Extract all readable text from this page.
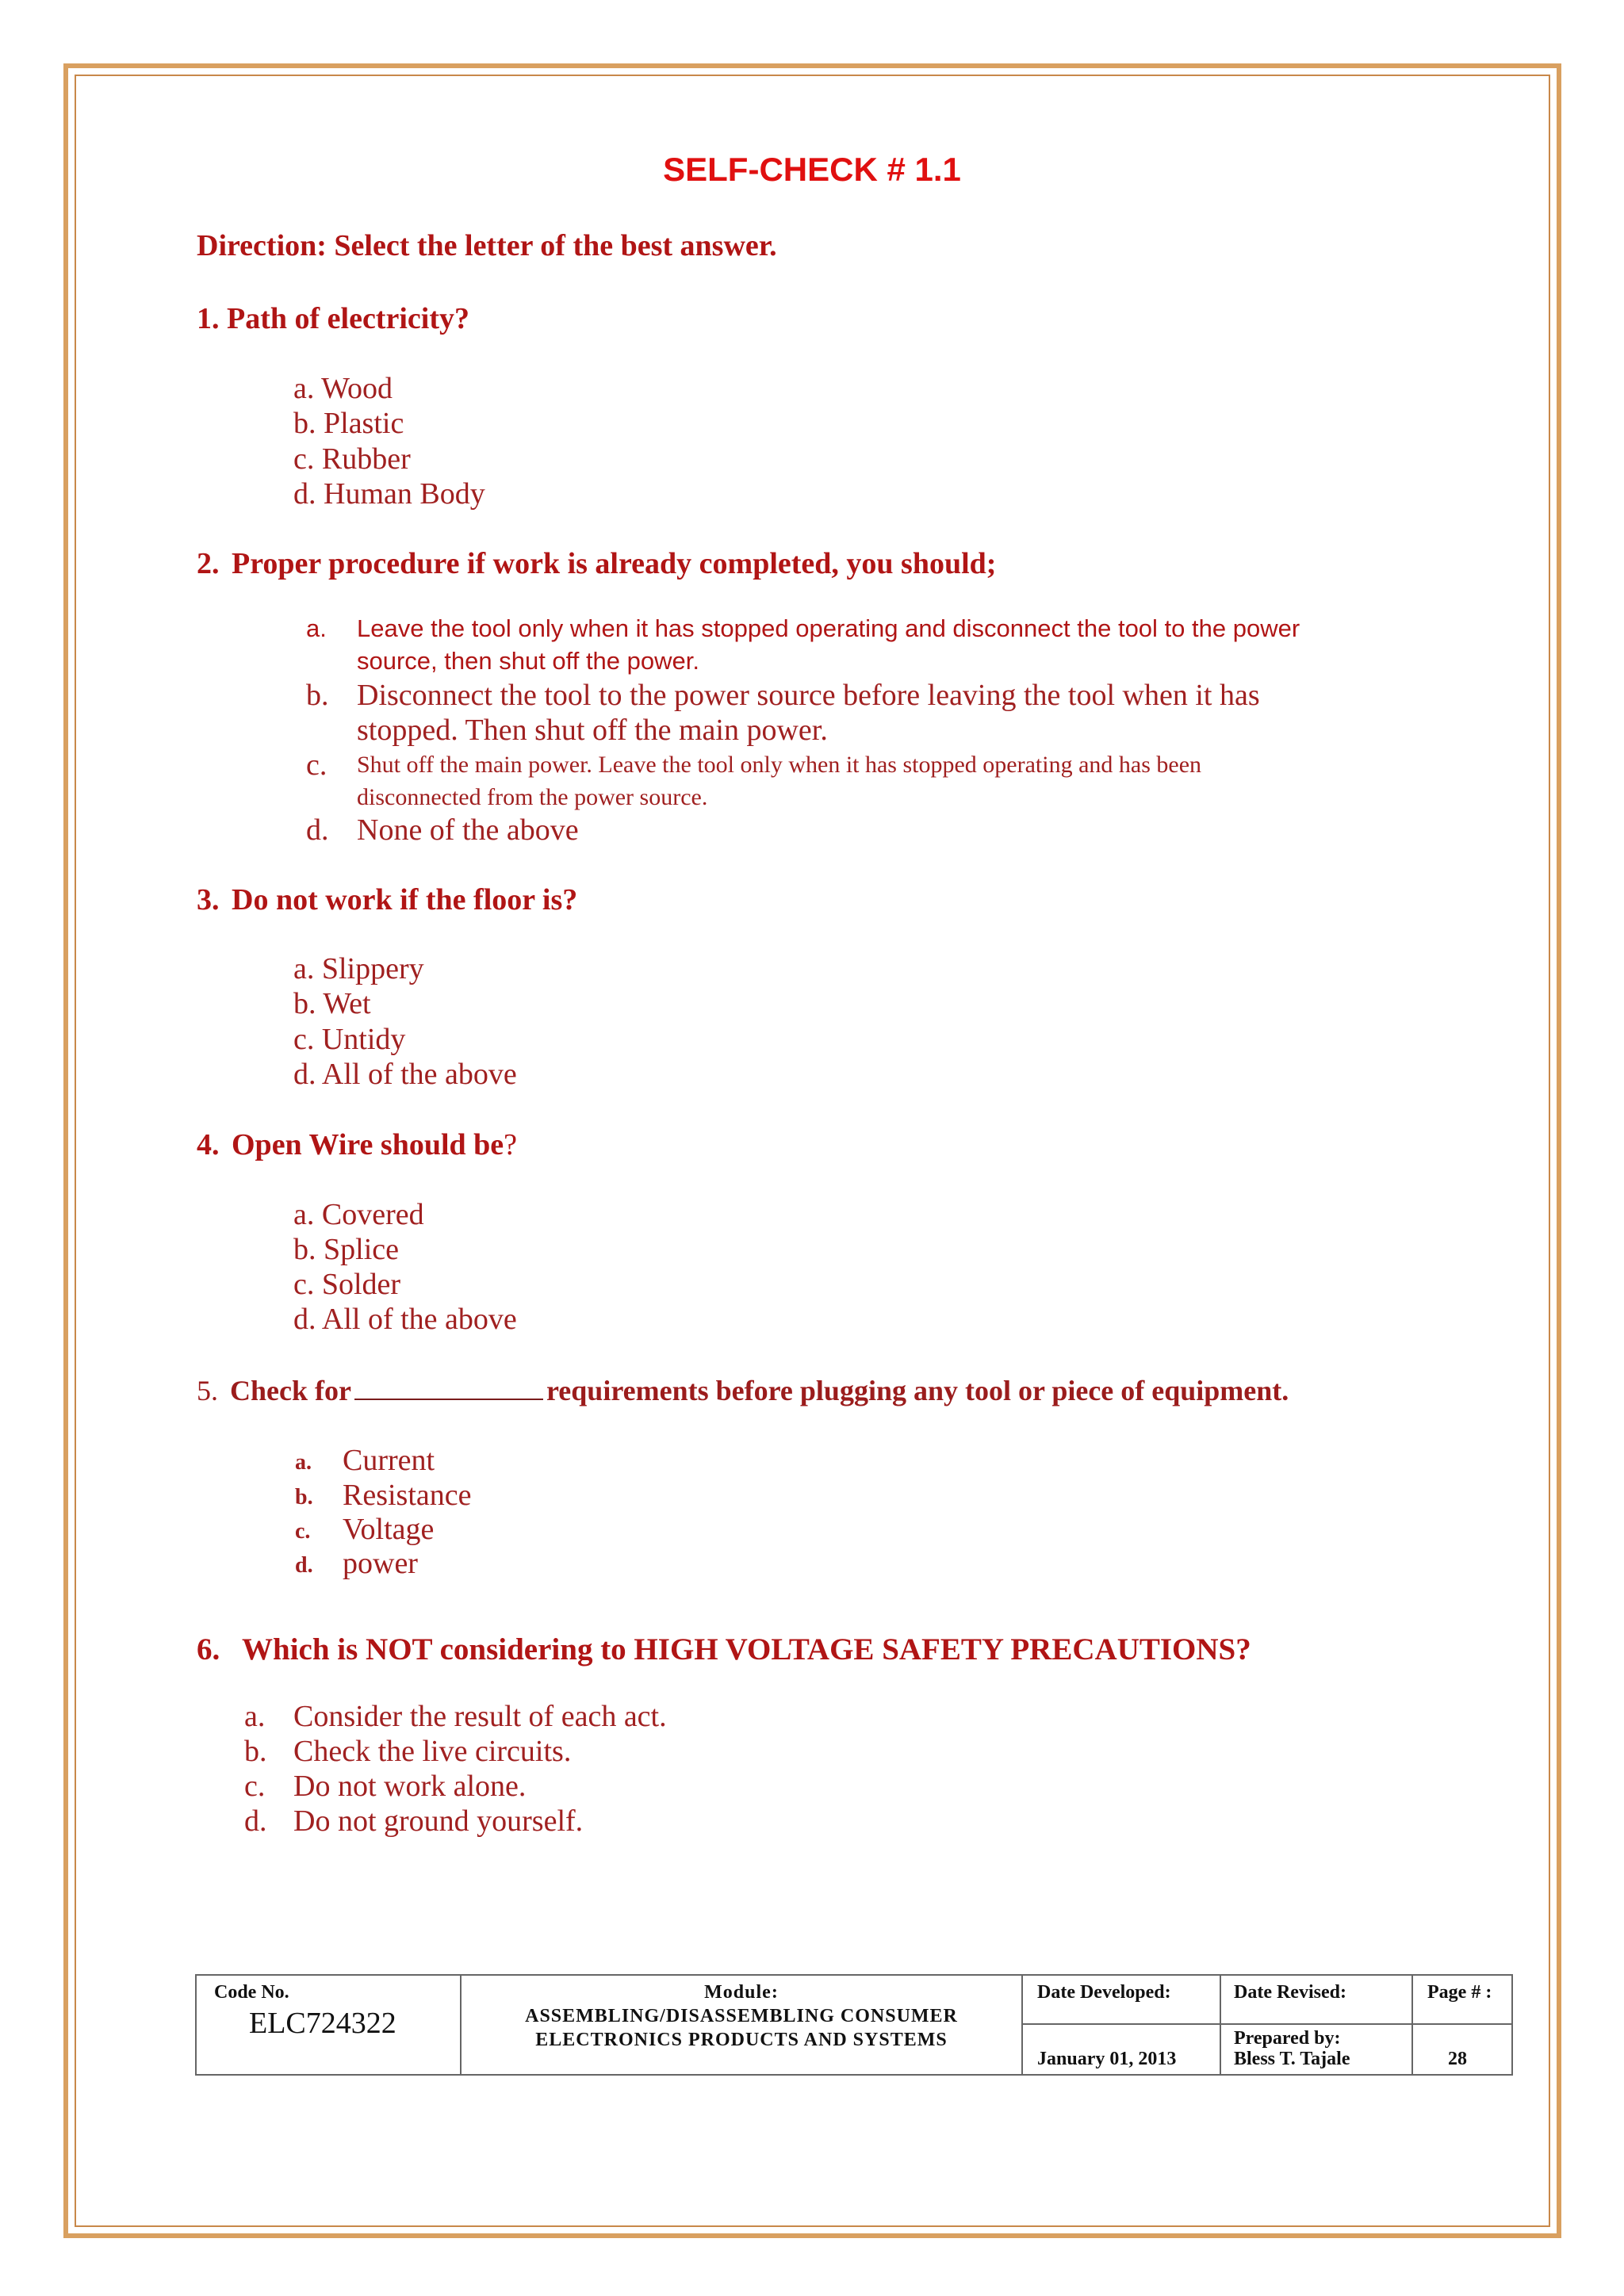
SELF-CHECK # 1.1
Direction: Select the letter of the best answer.
1. Path of electricity?
a. Wood
b. Plastic
c. Rubber
d. Human Body
2. Proper procedure if work is already completed, you should;
a. Leave the tool only when it has stopped operating and disconnect the tool to the power
source, then shut off the power.
b. Disconnect the tool to the power source before leaving the tool when it has
stopped. Then shut off the main power.
c. Shut off the main power. Leave the tool only when it has stopped operating and has been
disconnected from the power source.
d. None of the above
3. Do not work if the floor is?
a. Slippery
b. Wet
c. Untidy
d. All of the above
4. Open Wire should be?
a. Covered
b. Splice
c. Solder
d. All of the above
5. Check for	requirements before plugging any tool or piece of equipment.
a. Current
b. Resistance
c. Voltage
d. power
6. Which is NOT considering to HIGH VOLTAGE SAFETY PRECAUTIONS?
a. Consider the result of each act.
b. Check the live circuits.
c. Do not work alone.
d. Do not ground yourself.
Code No.
ELC724322
Module:
ASSEMBLING/DISASSEMBLING CONSUMER
ELECTRONICS PRODUCTS AND SYSTEMS
Date Developed:
January 01, 2013
Date Revised:
Prepared by:
Bless T. Tajale
Page # :
28
